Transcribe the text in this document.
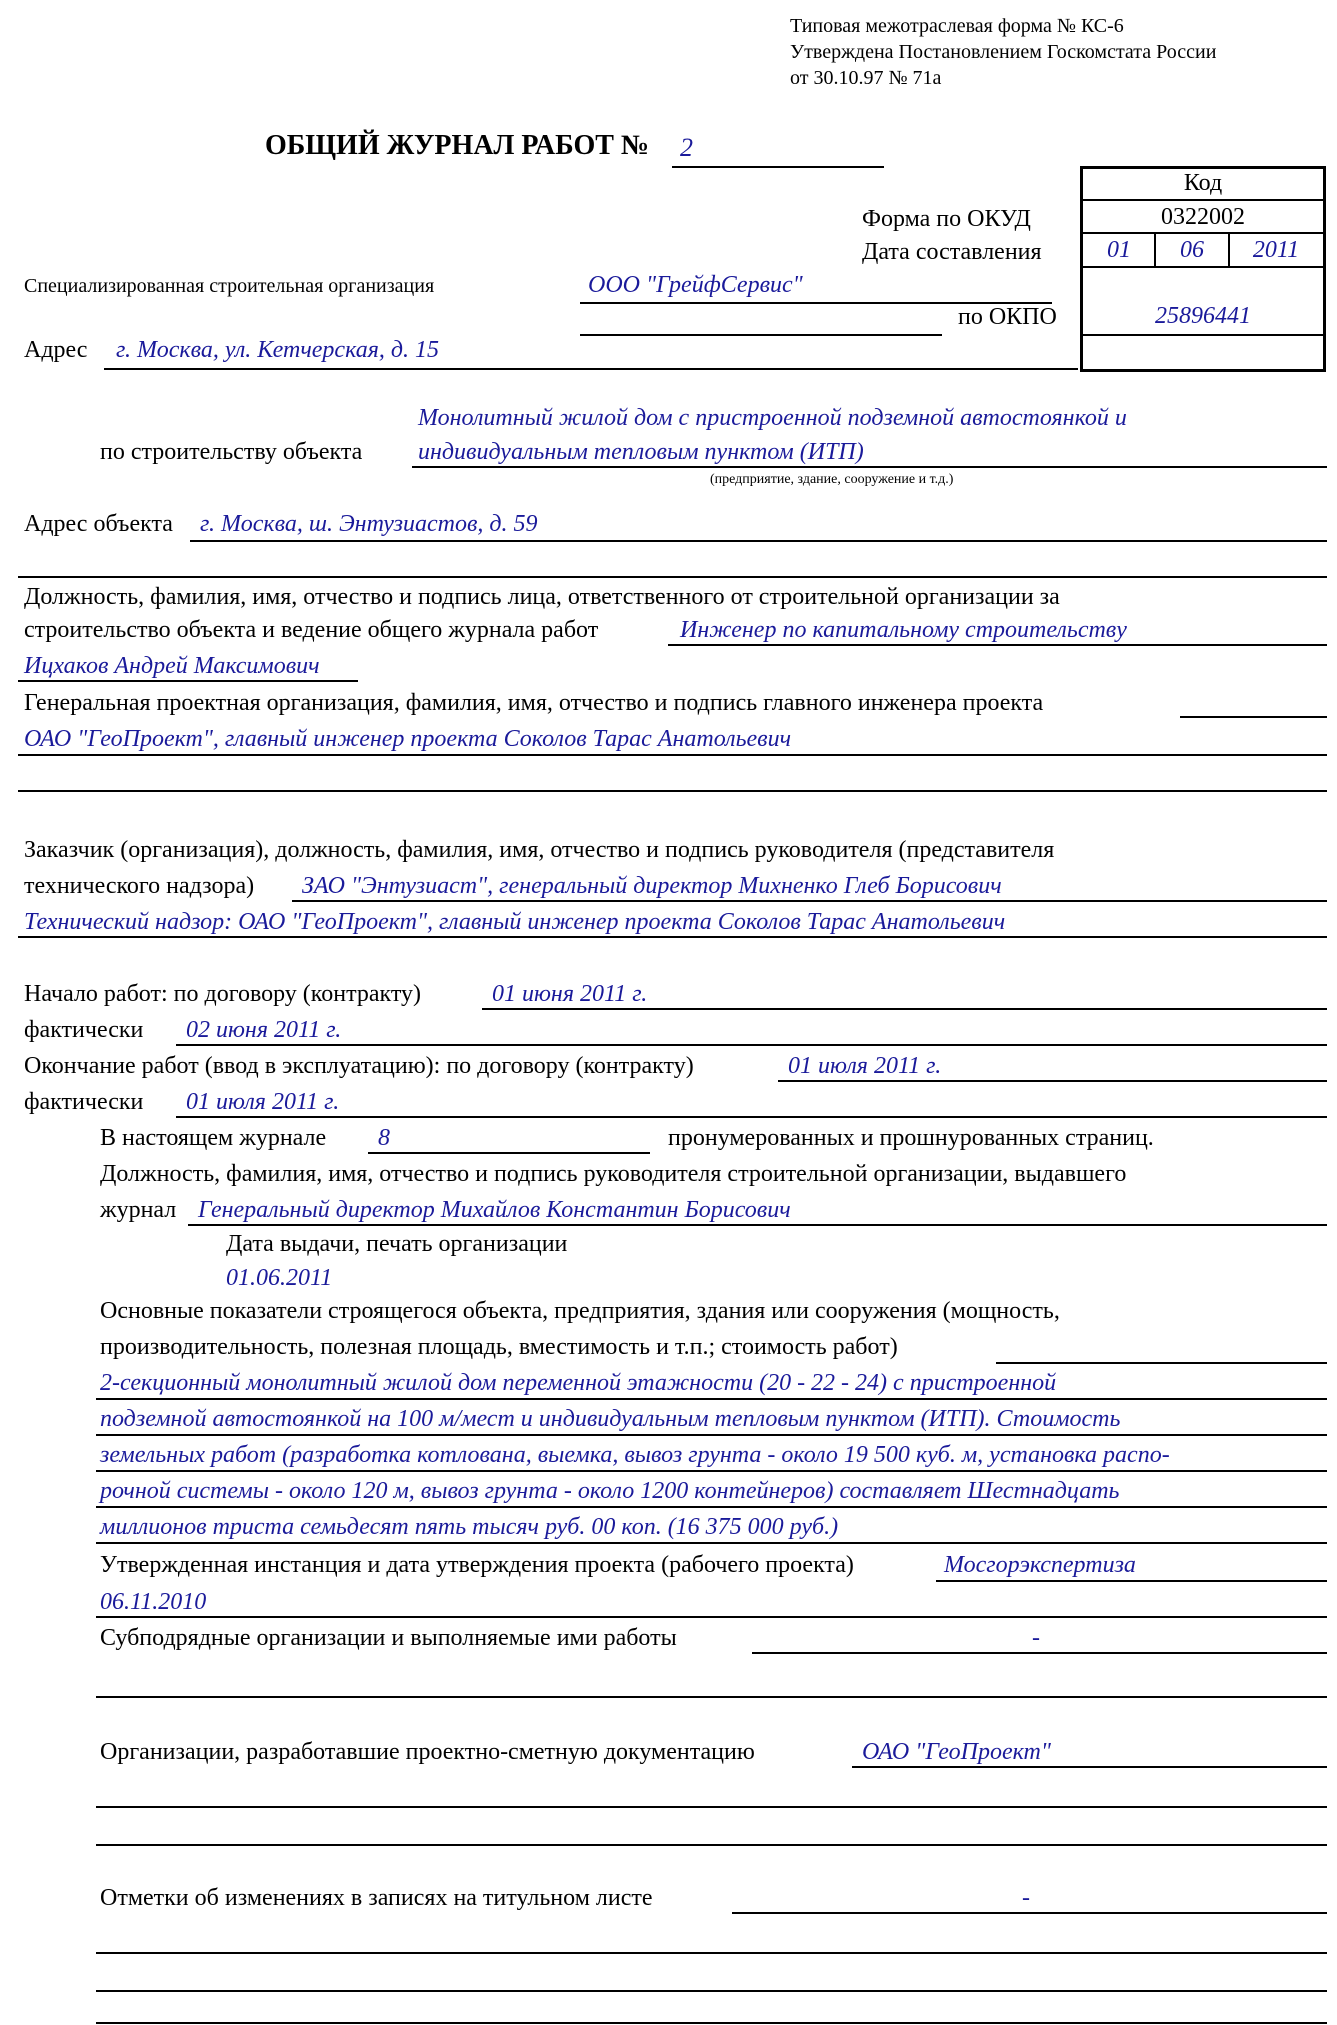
Типовая межотраслевая форма № КС-6
Утверждена Постановлением Госкомстата России
от 30.10.97 № 71а
ОБЩИЙ ЖУРНАЛ РАБОТ № 2
Код
0322002
01	06	2011
25896441
Форма по ОКУД
Дата составления
по ОКПО
Специализированная строительная организация	ООО "ГрейфСервис"
Адрес г. Москва, ул. Кетчерская, д. 15
Монолитный жилой дом с пристроенной подземной автостоянкой и
по строительству объекта индивидуальным тепловым пунктом (ИТП)
(предприятие, здание, сооружение и т.д.)
Адрес объекта г. Москва, ш. Энтузиастов, д. 59
Должность, фамилия, имя, отчество и подпись лица, ответственного от строительной организации за
строительство объекта и ведение общего журнала работ	Инженер по капитальному строительству
Ицхаков Андрей Максимович
Генеральная проектная организация, фамилия, имя, отчество и подпись главного инженера проекта
ОАО "ГеоПроект", главный инженер проекта Соколов Тарас Анатольевич
Заказчик (организация), должность, фамилия, имя, отчество и подпись руководителя (представителя
технического надзора) ЗАО "Энтузиаст", генеральный директор Михненко Глеб Борисович
Технический надзор: ОАО "ГеоПроект", главный инженер проекта Соколов Тарас Анатольевич
Начало работ: по договору (контракту)	01 июня 2011 г.
фактически 02 июня 2011 г.
Окончание работ (ввод в эксплуатацию): по договору (контракту)	01 июля 2011 г.
фактически 01 июля 2011 г.
В настоящем журнале 8	пронумерованных и прошнурованных страниц.
Должность, фамилия, имя, отчество и подпись руководителя строительной организации, выдавшего
журнал Генеральный директор Михайлов Константин Борисович
Дата выдачи, печать организации
01.06.2011
Основные показатели строящегося объекта, предприятия, здания или сооружения (мощность,
производительность, полезная площадь, вместимость и т.п.; стоимость работ)
2-секционный монолитный жилой дом переменной этажности (20 - 22 - 24) с пристроенной
подземной автостоянкой на 100 м/мест и индивидуальным тепловым пунктом (ИТП). Стоимость
земельных работ (разработка котлована, выемка, вывоз грунта - около 19 500 куб. м, установка распо-
рочной системы - около 120 м, вывоз грунта - около 1200 контейнеров) составляет Шестнадцать
миллионов триста семьдесят пять тысяч руб. 00 коп. (16 375 000 руб.)
Утвержденная инстанция и дата утверждения проекта (рабочего проекта)	Мосгорэкспертиза
06.11.2010
Субподрядные организации и выполняемые ими работы	-
Организации, разработавшие проектно-сметную документацию	ОАО "ГеоПроект"
Отметки об изменениях в записях на титульном листе	-
